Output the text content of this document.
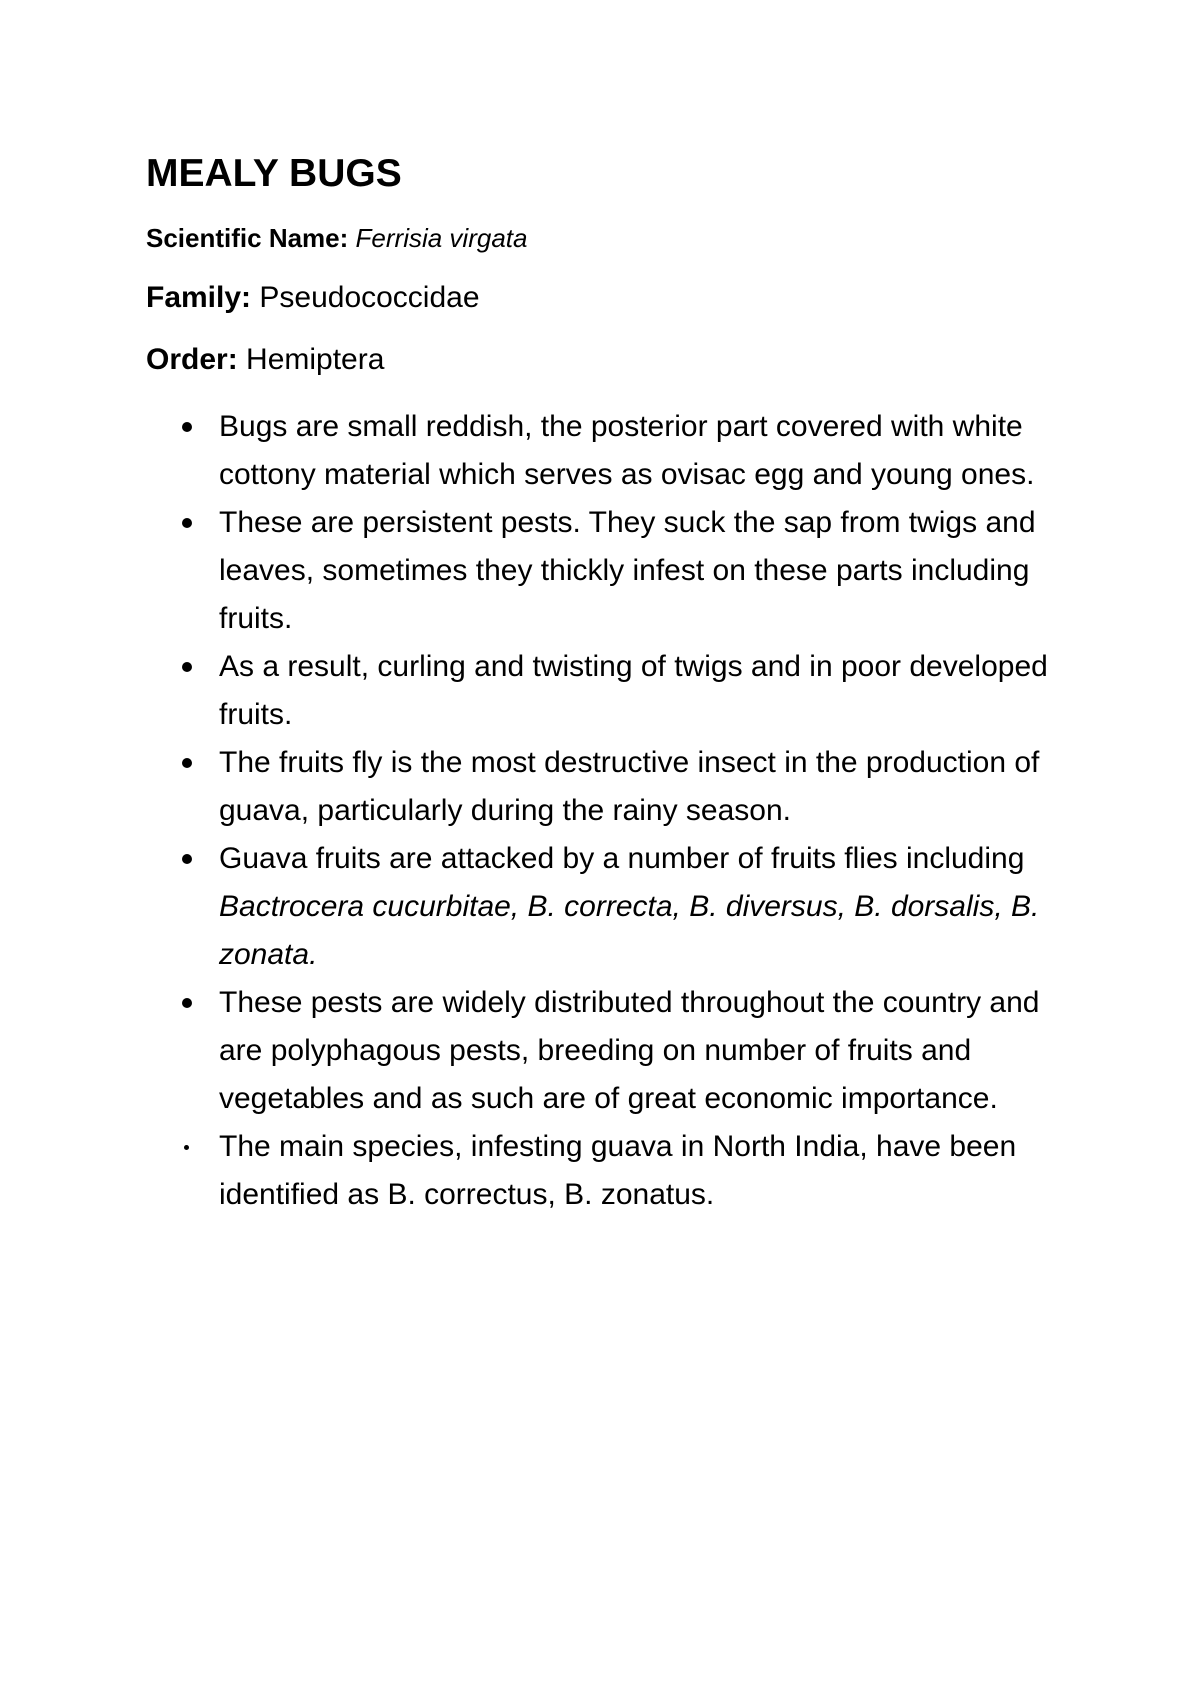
MEALY BUGS

Scientific Name: Ferrisia virgata

Family: Pseudococcidae

Order: Hemiptera

Bugs are small reddish, the posterior part covered with white cottony material which serves as ovisac egg and young ones.
These are persistent pests. They suck the sap from twigs and leaves, sometimes they thickly infest on these parts including fruits.
As a result, curling and twisting of twigs and in poor developed fruits.
The fruits fly is the most destructive insect in the production of guava, particularly during the rainy season.
Guava fruits are attacked by a number of fruits flies including Bactrocera cucurbitae, B. correcta, B. diversus, B. dorsalis, B. zonata.
These pests are widely distributed throughout the country and are polyphagous pests, breeding on number of fruits and vegetables and as such are of great economic importance.
The main species, infesting guava in North India, have been identified as B. correctus, B. zonatus.
